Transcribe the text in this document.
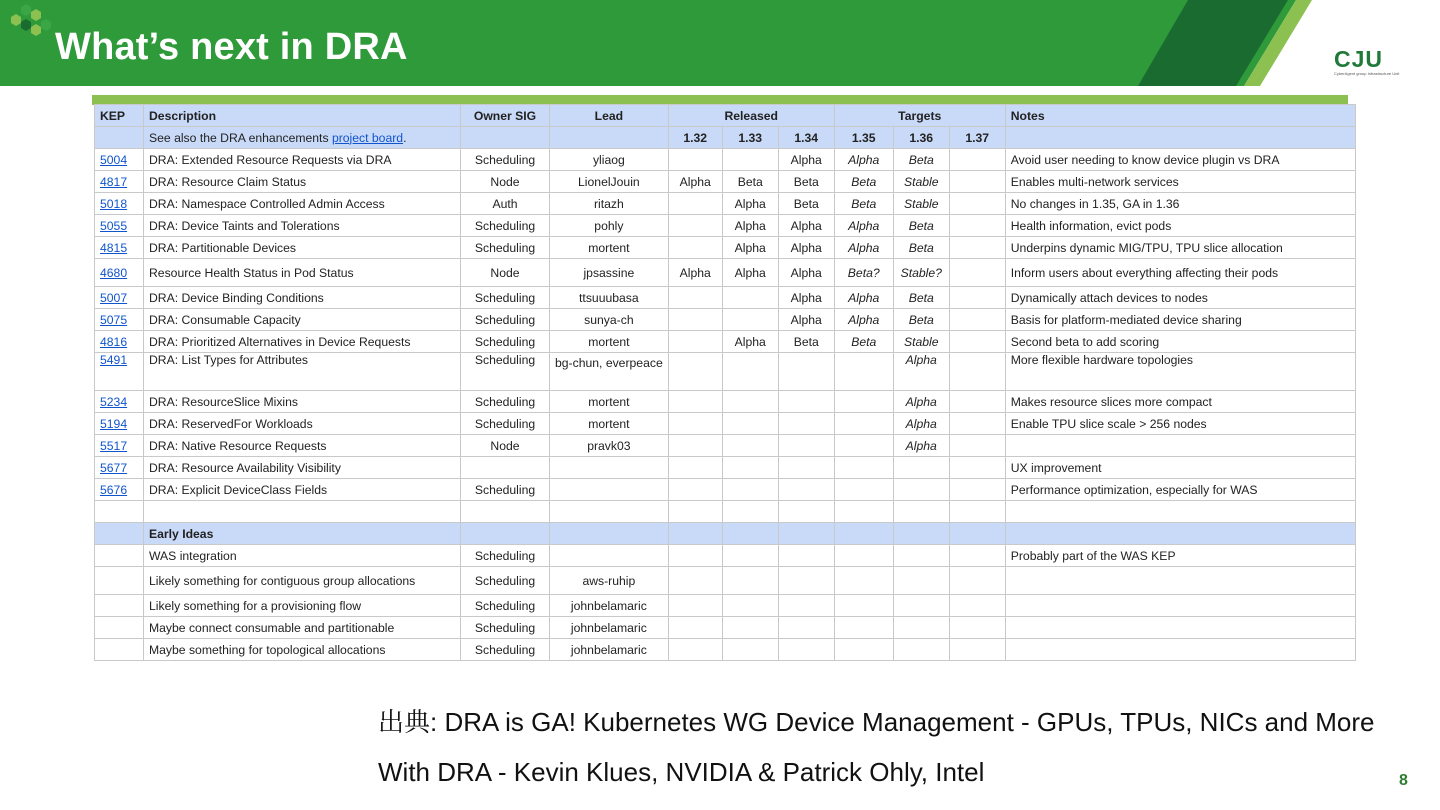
What’s next in DRA	CJU
CyberAgent group Infrastructure Unit
KEP	Description	Owner SIG	Lead	Released			Targets			Notes
	See also the DRA enhancements project board.			1.32	1.33	1.34	1.35	1.36	1.37	
5004	DRA: Extended Resource Requests via DRA	Scheduling	yliaog			Alpha	Alpha	Beta		Avoid user needing to know device plugin vs DRA
4817	DRA: Resource Claim Status	Node	LionelJouin	Alpha	Beta	Beta	Beta	Stable		Enables multi-network services
5018	DRA: Namespace Controlled Admin Access	Auth	ritazh		Alpha	Beta	Beta	Stable		No changes in 1.35, GA in 1.36
5055	DRA: Device Taints and Tolerations	Scheduling	pohly		Alpha	Alpha	Alpha	Beta		Health information, evict pods
4815	DRA: Partitionable Devices	Scheduling	mortent		Alpha	Alpha	Alpha	Beta		Underpins dynamic MIG/TPU, TPU slice allocation
4680	Resource Health Status in Pod Status	Node	jpsassine	Alpha	Alpha	Alpha	Beta?	Stable?		Inform users about everything affecting their pods
5007	DRA: Device Binding Conditions	Scheduling	ttsuuubasa			Alpha	Alpha	Beta		Dynamically attach devices to nodes
5075	DRA: Consumable Capacity	Scheduling	sunya-ch			Alpha	Alpha	Beta		Basis for platform-mediated device sharing
4816	DRA: Prioritized Alternatives in Device Requests	Scheduling	mortent		Alpha	Beta	Beta	Stable		Second beta to add scoring
5491	DRA: List Types for Attributes	Scheduling	bg-chun, everpeace					Alpha		More flexible hardware topologies
5234	DRA: ResourceSlice Mixins	Scheduling	mortent					Alpha		Makes resource slices more compact
5194	DRA: ReservedFor Workloads	Scheduling	mortent					Alpha		Enable TPU slice scale > 256 nodes
5517	DRA: Native Resource Requests	Node	pravk03					Alpha		
5677	DRA: Resource Availability Visibility									UX improvement
5676	DRA: Explicit DeviceClass Fields	Scheduling								Performance optimization, especially for WAS

	Early Ideas									
	WAS integration	Scheduling								Probably part of the WAS KEP
	Likely something for contiguous group allocations	Scheduling	aws-ruhip							
	Likely something for a provisioning flow	Scheduling	johnbelamaric							
	Maybe connect consumable and partitionable	Scheduling	johnbelamaric							
	Maybe something for topological allocations	Scheduling	johnbelamaric							
出典: DRA is GA! Kubernetes WG Device Management - GPUs, TPUs, NICs and More With DRA - Kevin Klues, NVIDIA & Patrick Ohly, Intel	8
